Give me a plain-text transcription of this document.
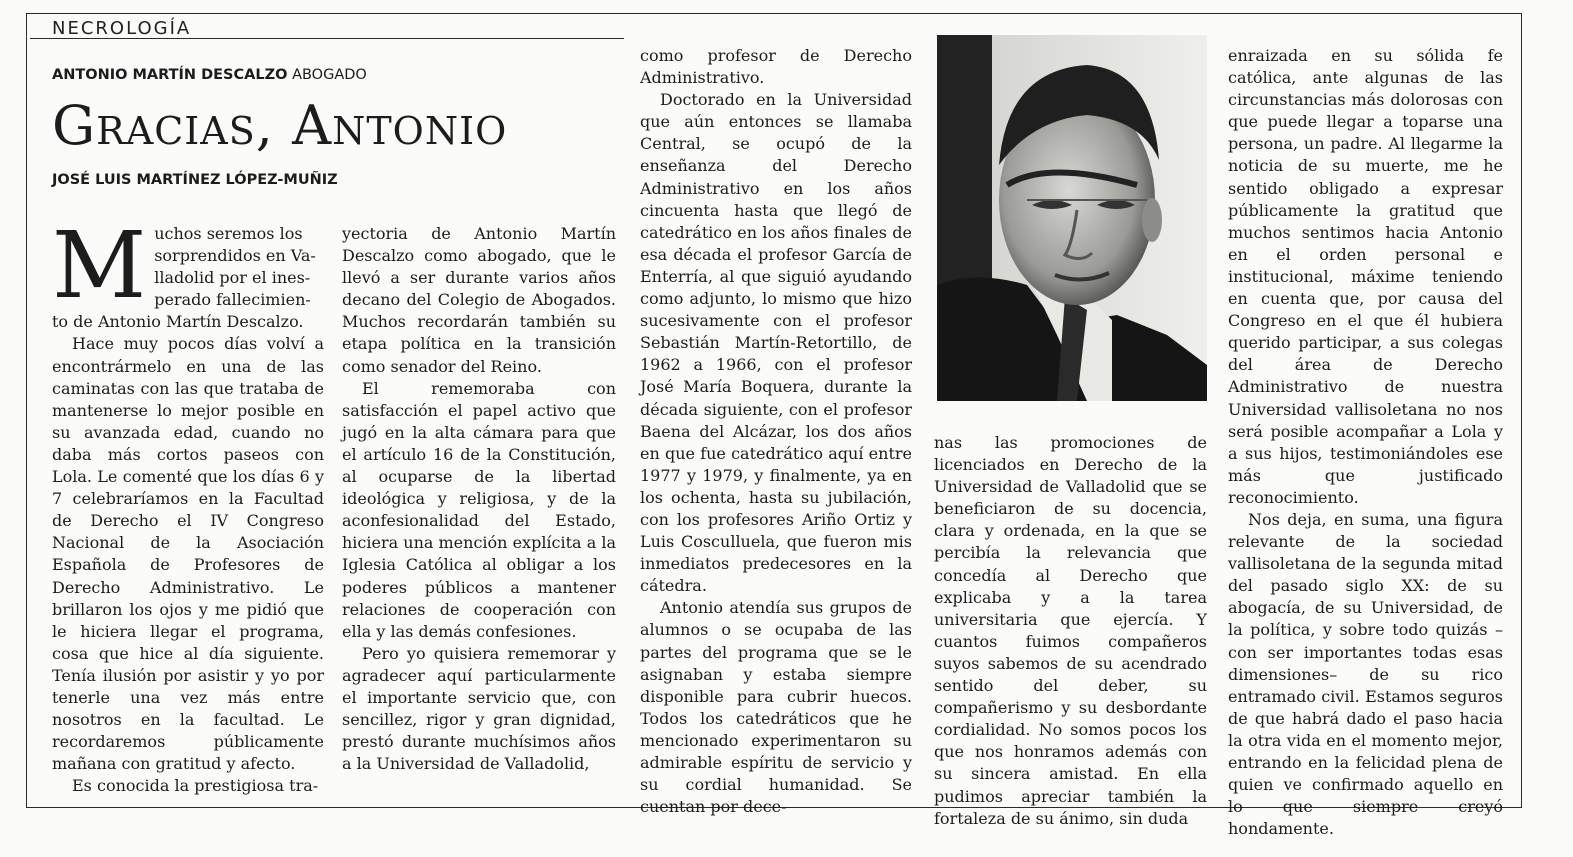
NECROLOGÍA
ANTONIO MARTÍN DESCALZO ABOGADO
Gracias, Antonio
JOSÉ LUIS MARTÍNEZ LÓPEZ-MUÑIZ

Muchos seremos los
sorprendidos en Va-
lladolid por el ines-
perado fallecimien-
to de Antonio Martín Descalzo.

Hace muy pocos días volví a encontrármelo en una de las caminatas con las que trataba de mantenerse lo mejor posible en su avanzada edad, cuando no daba más cortos paseos con Lola. Le comenté que los días 6 y 7 celebraríamos en la Facultad de Derecho el IV Congreso Nacional de la Asociación Española de Profesores de Derecho Administrativo. Le brillaron los ojos y me pidió que le hiciera llegar el programa, cosa que hice al día siguiente. Tenía ilusión por asistir y yo por tenerle una vez más entre nosotros en la facultad. Le recordaremos públicamente mañana con gratitud y afecto.

Es conocida la prestigiosa tra-

yectoria de Antonio Martín Descalzo como abogado, que le llevó a ser durante varios años decano del Colegio de Abogados. Muchos recordarán también su etapa política en la transición como senador del Reino.

El rememoraba con satisfacción el papel activo que jugó en la alta cámara para que el artículo 16 de la Constitución, al ocuparse de la libertad ideológica y religiosa, y de la aconfesionalidad del Estado, hiciera una mención explícita a la Iglesia Católica al obligar a los poderes públicos a mantener relaciones de cooperación con ella y las demás confesiones.

Pero yo quisiera rememorar y agradecer aquí particularmente el importante servicio que, con sencillez, rigor y gran dignidad, prestó durante muchísimos años a la Universidad de Valladolid,

como profesor de Derecho Administrativo.

Doctorado en la Universidad que aún entonces se llamaba Central, se ocupó de la enseñanza del Derecho Administrativo en los años cincuenta hasta que llegó de catedrático en los años finales de esa década el profesor García de Enterría, al que siguió ayudando como adjunto, lo mismo que hizo sucesivamente con el profesor Sebastián Martín-Retortillo, de 1962 a 1966, con el profesor José María Boquera, durante la década siguiente, con el profesor Baena del Alcázar, los dos años en que fue catedrático aquí entre 1977 y 1979, y finalmente, ya en los ochenta, hasta su jubilación, con los profesores Ariño Ortiz y Luis Cosculluela, que fueron mis inmediatos predecesores en la cátedra.

Antonio atendía sus grupos de alumnos o se ocupaba de las partes del programa que se le asignaban y estaba siempre disponible para cubrir huecos. Todos los catedráticos que he mencionado experimentaron su admirable espíritu de servicio y su cordial humanidad. Se cuentan por dece-

nas las promociones de licenciados en Derecho de la Universidad de Valladolid que se beneficiaron de su docencia, clara y ordenada, en la que se percibía la relevancia que concedía al Derecho que explicaba y a la tarea universitaria que ejercía. Y cuantos fuimos compañeros suyos sabemos de su acendrado sentido del deber, su compañerismo y su desbordante cordialidad. No somos pocos los que nos honramos además con su sincera amistad. En ella pudimos apreciar también la fortaleza de su ánimo, sin duda

enraizada en su sólida fe católica, ante algunas de las circunstancias más dolorosas con que puede llegar a toparse una persona, un padre. Al llegarme la noticia de su muerte, me he sentido obligado a expresar públicamente la gratitud que muchos sentimos hacia Antonio en el orden personal e institucional, máxime teniendo en cuenta que, por causa del Congreso en el que él hubiera querido participar, a sus colegas del área de Derecho Administrativo de nuestra Universidad vallisoletana no nos será posible acompañar a Lola y a sus hijos, testimoniándoles ese más que justificado reconocimiento.

Nos deja, en suma, una figura relevante de la sociedad vallisoletana de la segunda mitad del pasado siglo XX: de su abogacía, de su Universidad, de la política, y sobre todo quizás –con ser importantes todas esas dimensiones– de su rico entramado civil. Estamos seguros de que habrá dado el paso hacia la otra vida en el momento mejor, entrando en la felicidad plena de quien ve confirmado aquello en lo que siempre creyó hondamente.
